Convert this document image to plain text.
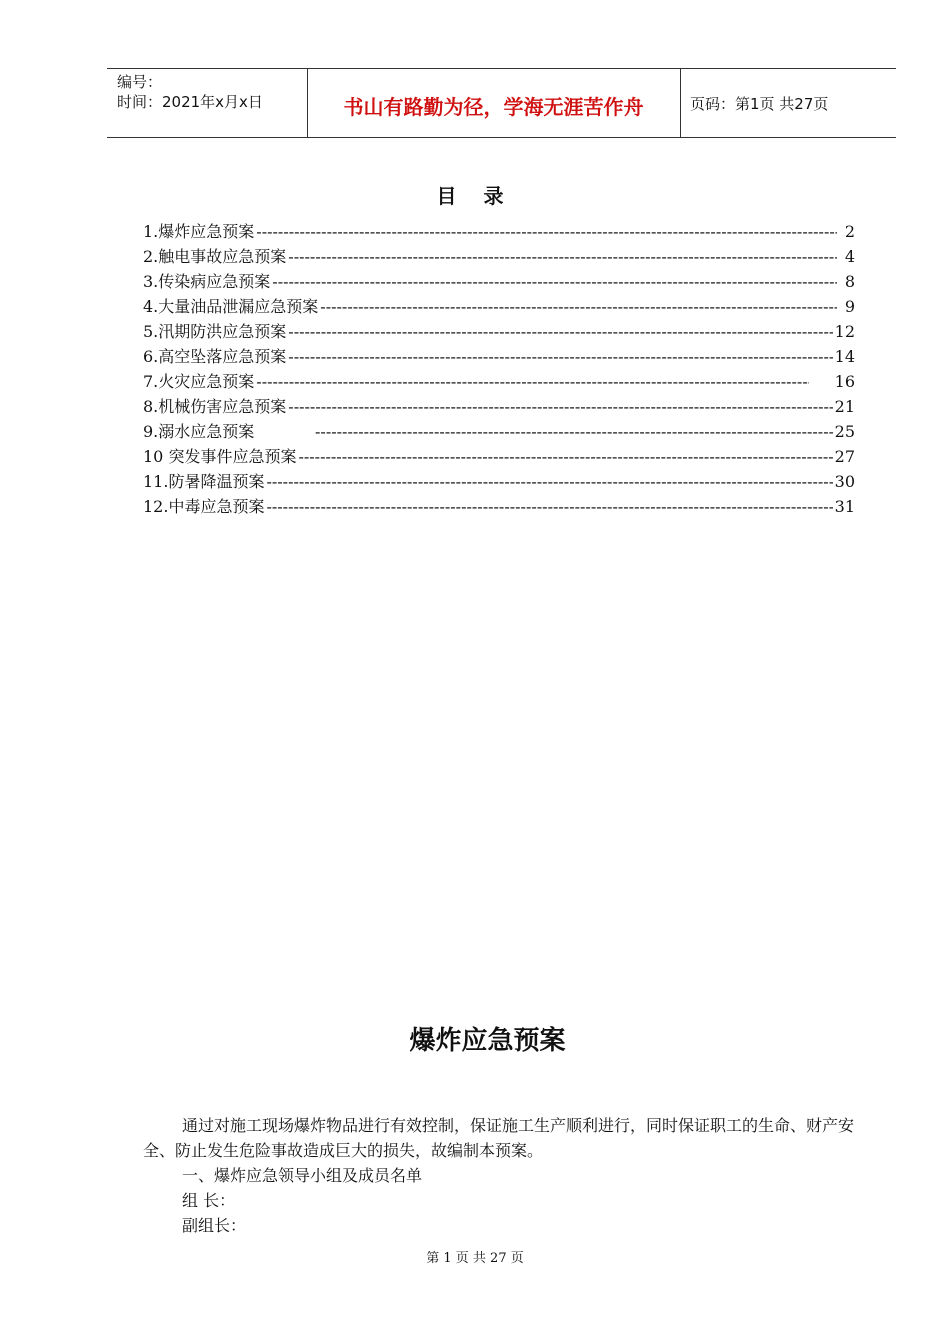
编号：
时间：2021年x月x日	书山有路勤为径，学海无涯苦作舟	页码：第1页 共27页
目 录
1.爆炸应急预案 -----	2
2.触电事故应急预案 -----	4
3.传染病应急预案 -----	8
4.大量油品泄漏应急预案 -----	9
5.汛期防洪应急预案 -----	12
6.高空坠落应急预案 -----	14
7.火灾应急预案 -----	16
8.机械伤害应急预案 -----	21
9.溺水应急预案 -----	25
10 突发事件应急预案 -----	27
11.防暑降温预案 -----	30
12.中毒应急预案 -----	31
爆炸应急预案

通过对施工现场爆炸物品进行有效控制，保证施工生产顺利进行，同时保证职工的生命、财产安全、防止发生危险事故造成巨大的损失，故编制本预案。

一、爆炸应急领导小组及成员名单

组 长：

副组长：

第 1 页 共 27 页
